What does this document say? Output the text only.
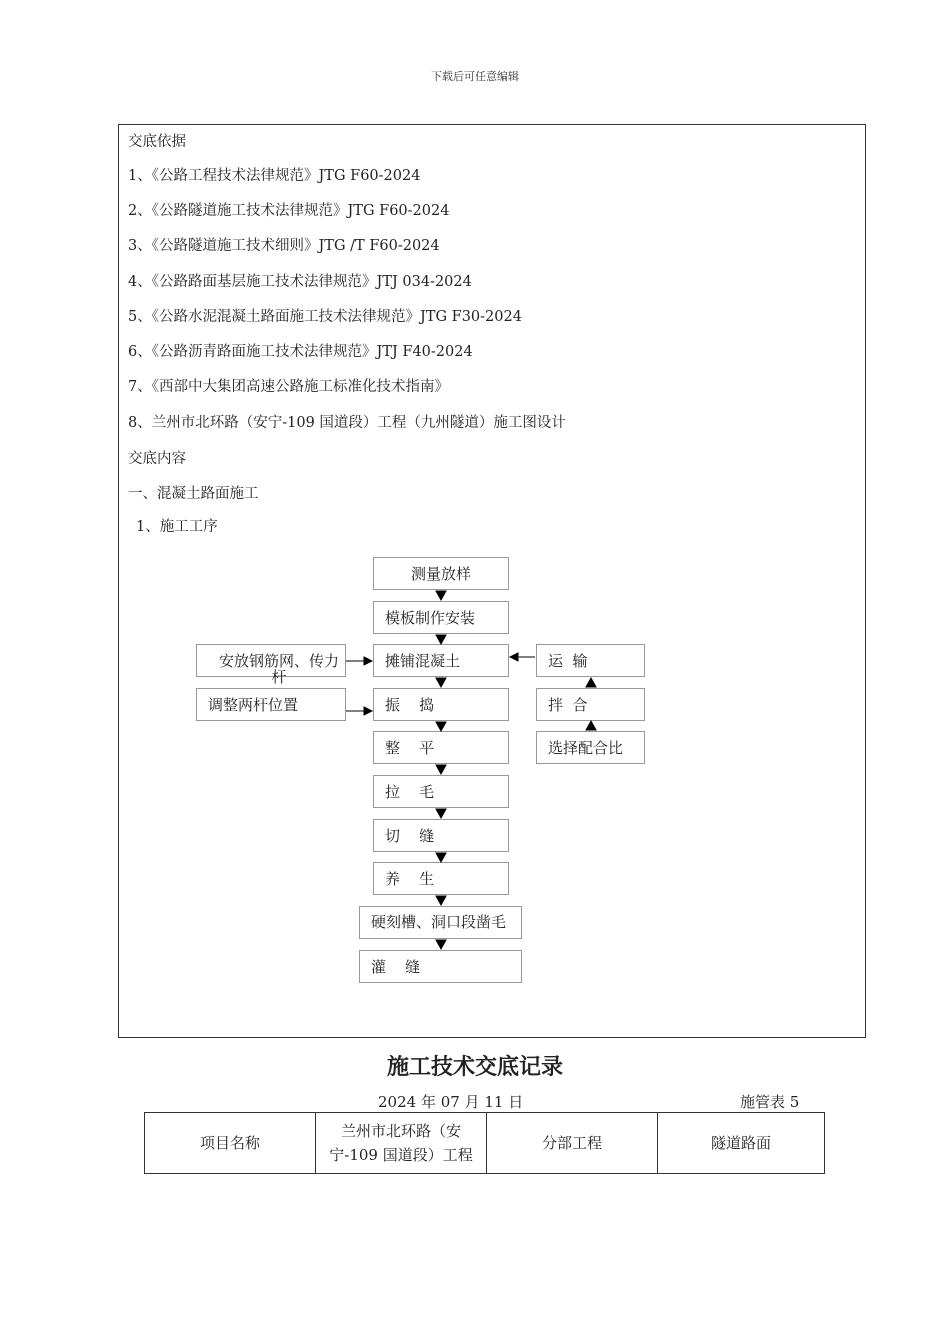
下载后可任意编辑
交底依据
1、《公路工程技术法律规范》JTG F60-2024
2、《公路隧道施工技术法律规范》JTG F60-2024
3、《公路隧道施工技术细则》JTG /T F60-2024
4、《公路路面基层施工技术法律规范》JTJ 034-2024
5、《公路水泥混凝土路面施工技术法律规范》JTG F30-2024
6、《公路沥青路面施工技术法律规范》JTJ F40-2024
7、《西部中大集团高速公路施工标准化技术指南》
8、兰州市北环路（安宁-109 国道段）工程（九州隧道）施工图设计
交底内容
一、混凝土路面施工
1、施工工序
测量放样
模板制作安装
摊铺混凝土
振    捣
整    平
拉    毛
切    缝
养    生
硬刻槽、洞口段凿毛
灌    缝
安放钢筋网、传力杆
调整两杆位置
运  输
拌  合
选择配合比
施工技术交底记录
2024 年 07 月 11 日	施管表 5
项目名称	兰州市北环路（安宁-109 国道段）工程	分部工程	隧道路面
